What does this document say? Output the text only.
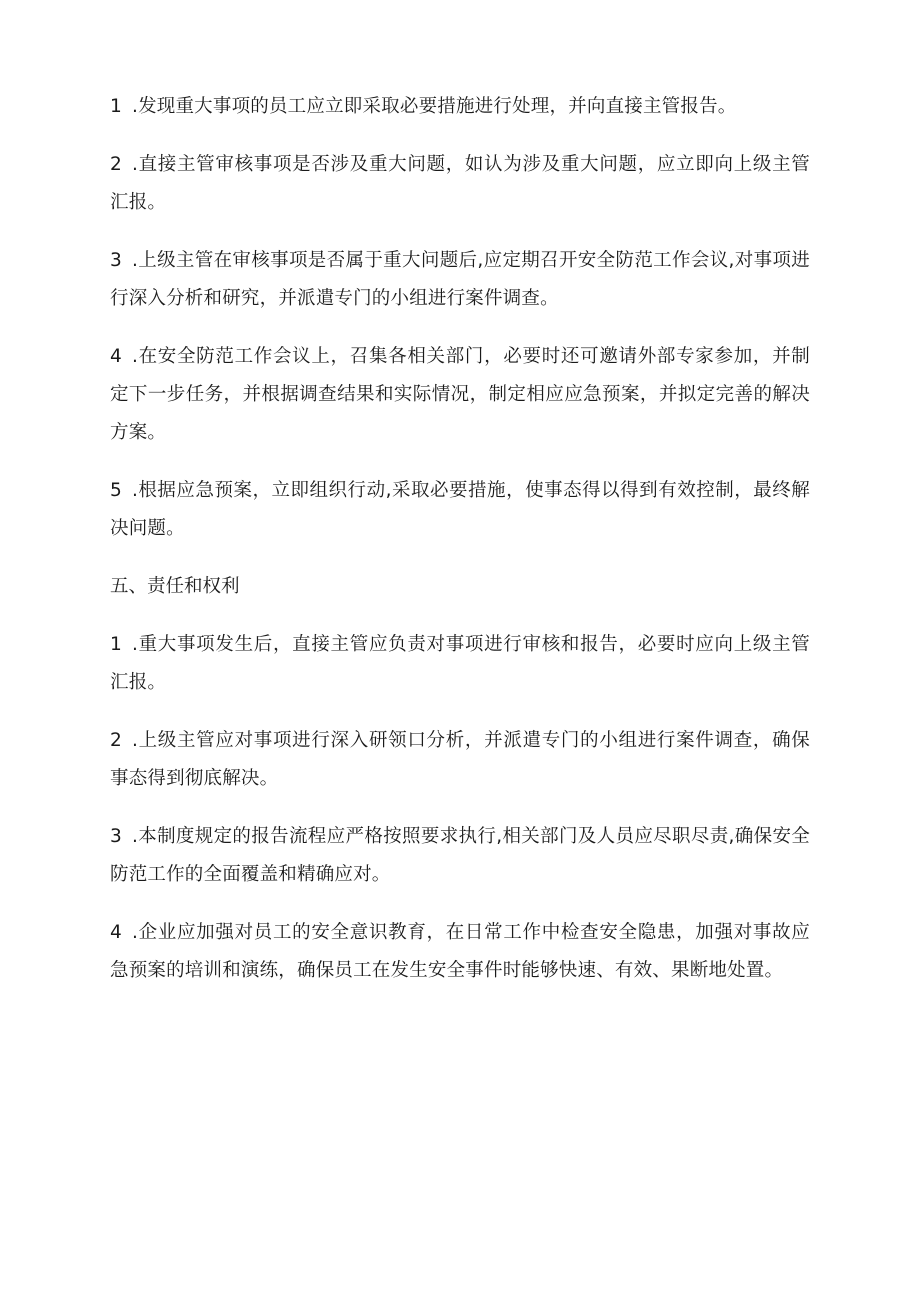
1 .发现重大事项的员工应立即采取必要措施进行处理，并向直接主管报告。

2 .直接主管审核事项是否涉及重大问题，如认为涉及重大问题，应立即向上级主管汇报。

3 .上级主管在审核事项是否属于重大问题后,应定期召开安全防范工作会议,对事项进行深入分析和研究，并派遣专门的小组进行案件调查。

4 .在安全防范工作会议上，召集各相关部门，必要时还可邀请外部专家参加，并制定下一步任务，并根据调查结果和实际情况，制定相应应急预案，并拟定完善的解决方案。

5 .根据应急预案，立即组织行动,采取必要措施，使事态得以得到有效控制，最终解决问题。

五、责任和权利

1 .重大事项发生后，直接主管应负责对事项进行审核和报告，必要时应向上级主管汇报。

2 .上级主管应对事项进行深入研领口分析，并派遣专门的小组进行案件调查，确保事态得到彻底解决。

3 .本制度规定的报告流程应严格按照要求执行,相关部门及人员应尽职尽责,确保安全防范工作的全面覆盖和精确应对。

4 .企业应加强对员工的安全意识教育，在日常工作中检查安全隐患，加强对事故应急预案的培训和演练，确保员工在发生安全事件时能够快速、有效、果断地处置。
